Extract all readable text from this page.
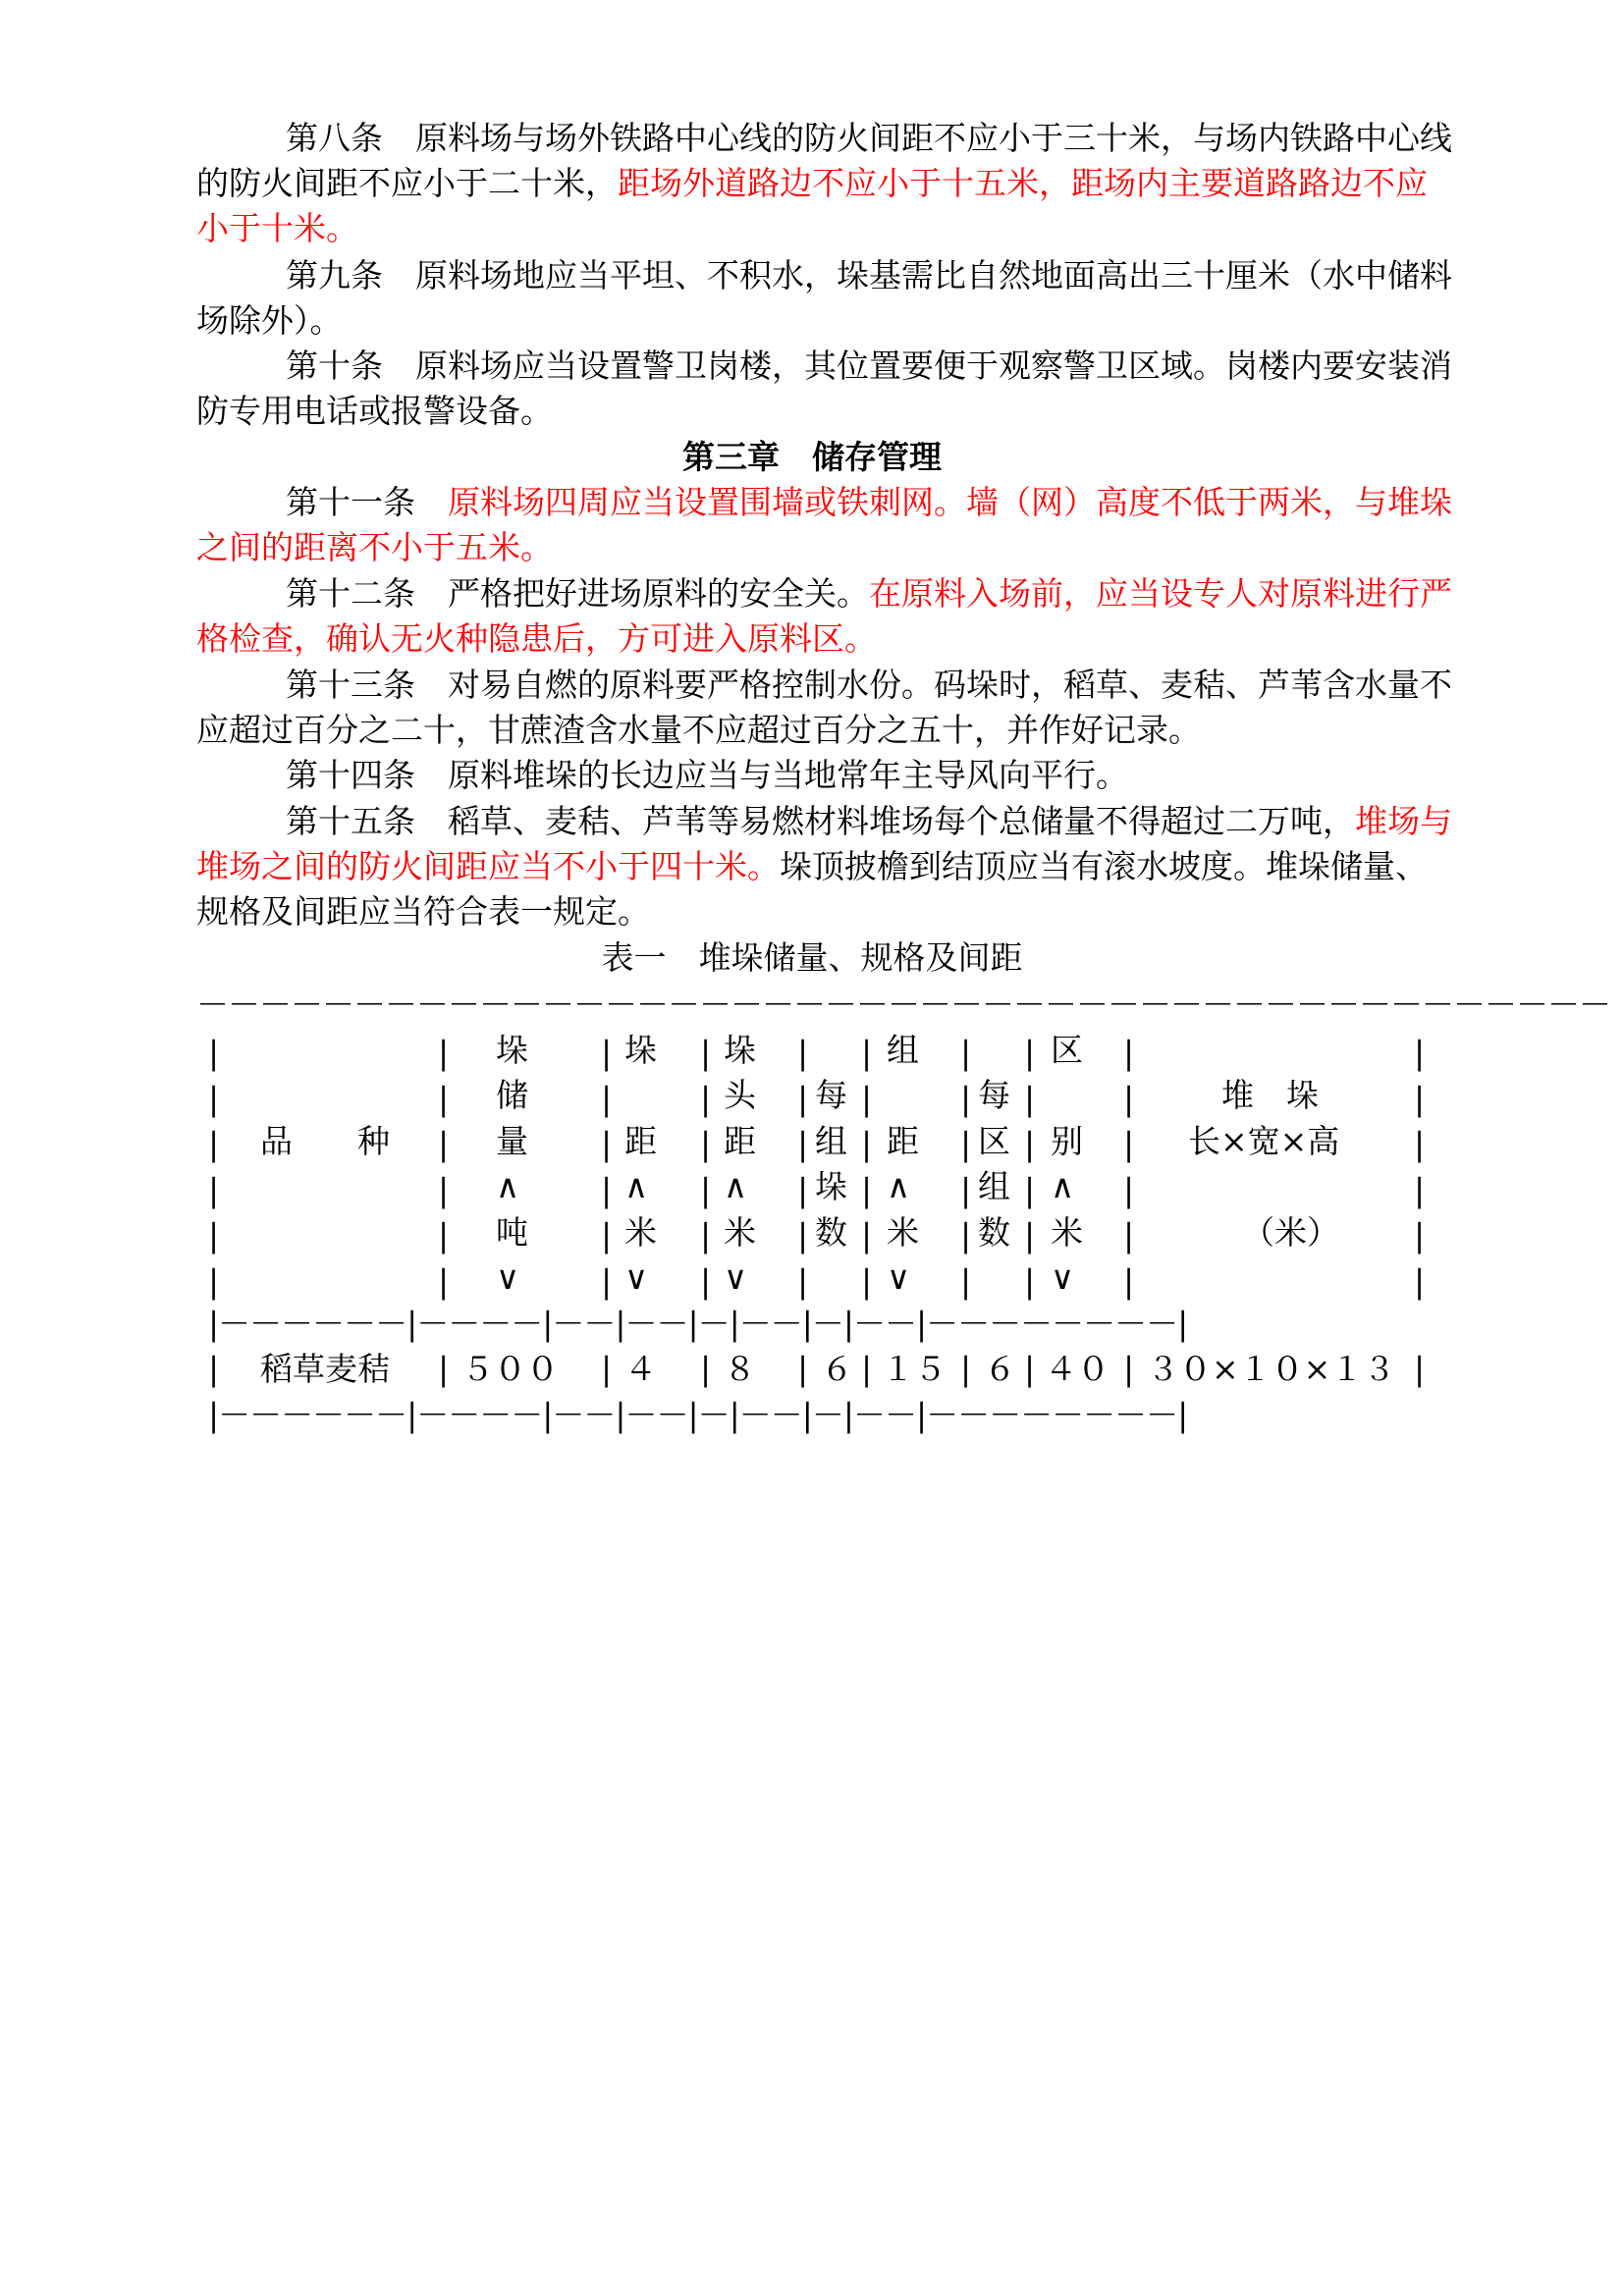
第八条　原料场与场外铁路中心线的防火间距不应小于三十米，与场内铁路中心线
的防火间距不应小于二十米，距场外道路边不应小于十五米，距场内主要道路路边不应
小于十米。
第九条　原料场地应当平坦、不积水，垛基需比自然地面高出三十厘米（水中储料
场除外）。
第十条　原料场应当设置警卫岗楼，其位置要便于观察警卫区域。岗楼内要安装消
防专用电话或报警设备。
第三章　储存管理
第十一条　原料场四周应当设置围墙或铁刺网。墙（网）高度不低于两米，与堆垛
之间的距离不小于五米。
第十二条　严格把好进场原料的安全关。在原料入场前，应当设专人对原料进行严
格检查，确认无火种隐患后，方可进入原料区。
第十三条　对易自燃的原料要严格控制水份。码垛时，稻草、麦秸、芦苇含水量不
应超过百分之二十，甘蔗渣含水量不应超过百分之五十，并作好记录。
第十四条　原料堆垛的长边应当与当地常年主导风向平行。
第十五条　稻草、麦秸、芦苇等易燃材料堆场每个总储量不得超过二万吨，堆场与
堆场之间的防火间距应当不小于四十米。垛顶披檐到结顶应当有滚水坡度。堆垛储量、
规格及间距应当符合表一规定。
表一　堆垛储量、规格及间距
－－－－－－－－－－－－－－－－－－－－－－－－－－－－－－－－－－－－－－－－－－－－－
|
|
|
|
|
|
|
|
|
|
|
|
|
|
|
|
|
|
|
|
|
|
|
|
|
|
|
|
|
|
|
|
|
|
|
|
|
|
|
|
|
|
|
|
|
|
|
|
|
|
|
|
|
|
|
|
|
|
|
|
品　　种
垛
储
量
∧
吨
∨
垛
距
∧
米
∨
垛
头
距
∧
米
∨
每
组
垛
数
组
距
∧
米
∨
每
区
组
数
区
别
∧
米
∨
堆　垛
长×宽×高
（米）
|－－－－－－|－－－－|－－|－－|－|－－|－|－－|－－－－－－－－|
| 稻草麦秸 | ５００ | ４ | ８ | ６ | １５ | ６ | ４０ | ３０×１０×１３ |
|－－－－－－|－－－－|－－|－－|－|－－|－|－－|－－－－－－－－|
